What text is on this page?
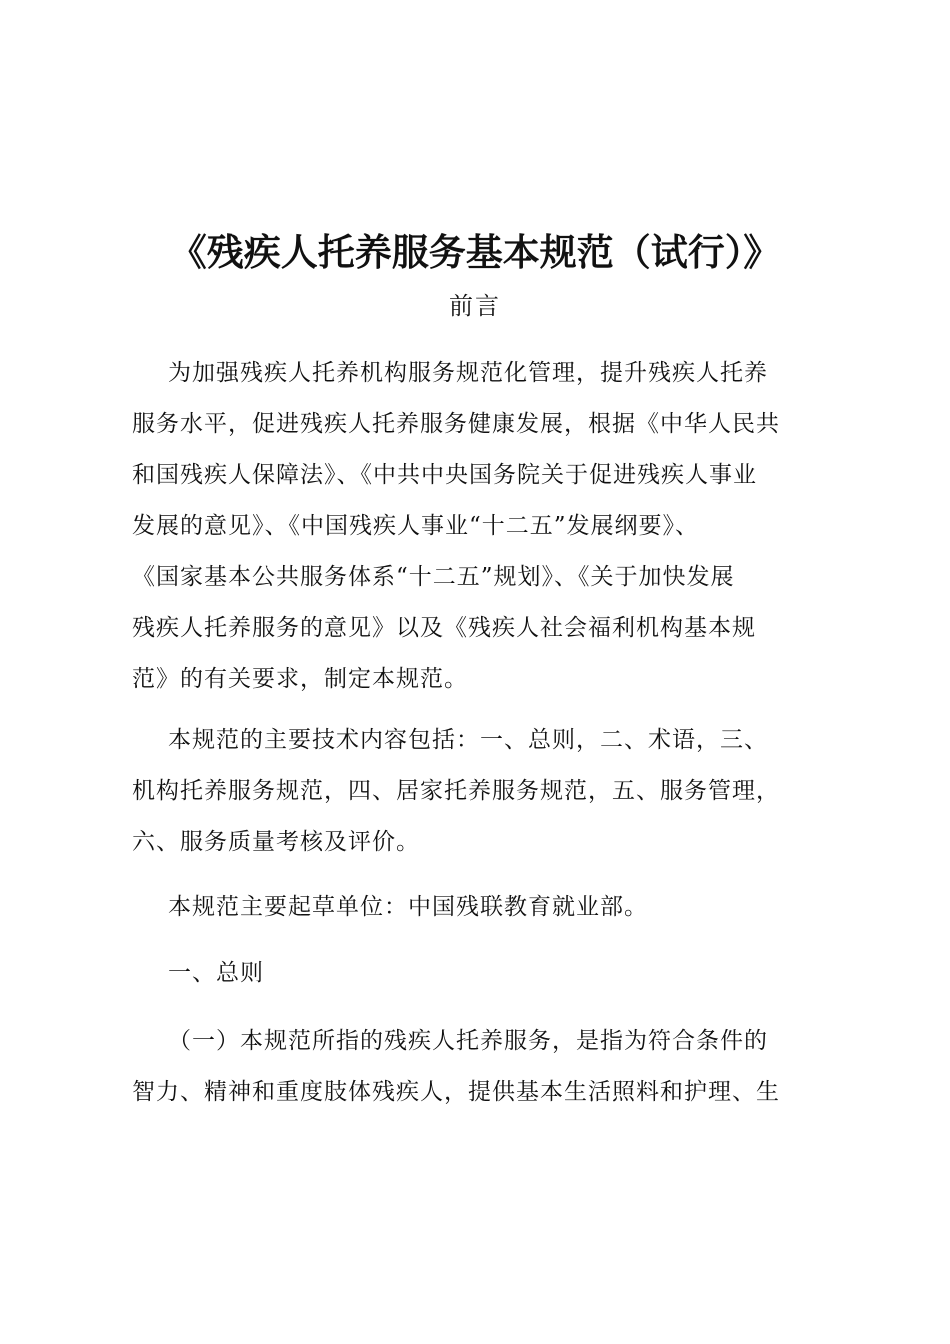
《残疾人托养服务基本规范（试行）》
前言
为加强残疾人托养机构服务规范化管理，提升残疾人托养
服务水平，促进残疾人托养服务健康发展，根据《中华人民共
和国残疾人保障法》、《中共中央国务院关于促进残疾人事业
发展的意见》、《中国残疾人事业“十二五”发展纲要》、
《国家基本公共服务体系“十二五”规划》、《关于加快发展
残疾人托养服务的意见》以及《残疾人社会福利机构基本规
范》的有关要求，制定本规范。
本规范的主要技术内容包括：一、总则，二、术语，三、
机构托养服务规范，四、居家托养服务规范，五、服务管理，
六、服务质量考核及评价。
本规范主要起草单位：中国残联教育就业部。
一、总则
（一）本规范所指的残疾人托养服务，是指为符合条件的
智力、精神和重度肢体残疾人，提供基本生活照料和护理、生
